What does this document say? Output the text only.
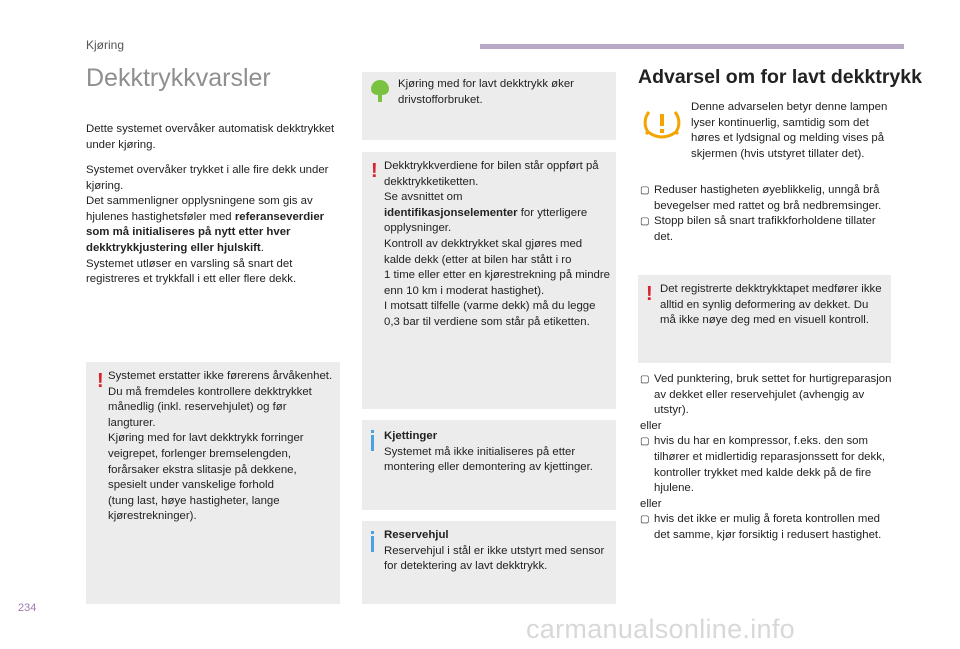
Kjøring
Dekktrykkvarsler

Dette systemet overvåker automatisk dekktrykket under kjøring.

Systemet overvåker trykket i alle fire dekk under kjøring.
Det sammenligner opplysningene som gis av hjulenes hastighetsføler med referanseverdier som må initialiseres på nytt etter hver dekktrykkjustering eller hjulskift.
Systemet utløser en varsling så snart det registreres et trykkfall i ett eller flere dekk.
! Systemet erstatter ikke førerens årvåkenhet.
Du må fremdeles kontrollere dekktrykket månedlig (inkl. reservehjulet) og før langturer.
Kjøring med for lavt dekktrykk forringer veigrepet, forlenger bremselengden, forårsaker ekstra slitasje på dekkene, spesielt under vanskelige forhold
(tung last, høye hastigheter, lange kjørestrekninger).
Kjøring med for lavt dekktrykk øker drivstofforbruket.
! Dekktrykkverdiene for bilen står oppført på dekktrykketiketten.
Se avsnittet om
identifikasjonselementer for ytterligere opplysninger.
Kontroll av dekktrykket skal gjøres med kalde dekk (etter at bilen har stått i ro
1 time eller etter en kjørestrekning på mindre enn 10 km i moderat hastighet).
I motsatt tilfelle (varme dekk) må du legge 0,3 bar til verdiene som står på etiketten.
Kjettinger
Systemet må ikke initialiseres på etter montering eller demontering av kjettinger.
Reservehjul
Reservehjul i stål er ikke utstyrt med sensor for detektering av lavt dekktrykk.
Advarsel om for lavt dekktrykk
Denne advarselen betyr denne lampen lyser kontinuerlig, samtidig som det høres et lydsignal og melding vises på skjermen (hvis utstyret tillater det).
▢ Reduser hastigheten øyeblikkelig, unngå brå bevegelser med rattet og brå nedbremsinger.
▢ Stopp bilen så snart trafikkforholdene tillater det.
! Det registrerte dekktrykktapet medfører ikke alltid en synlig deformering av dekket. Du må ikke nøye deg med en visuell kontroll.
▢ Ved punktering, bruk settet for hurtigreparasjon av dekket eller reservehjulet (avhengig av utstyr).
eller
▢ hvis du har en kompressor, f.eks. den som tilhører et midlertidig reparasjonssett for dekk, kontroller trykket med kalde dekk på de fire hjulene.
eller
▢ hvis det ikke er mulig å foreta kontrollen med det samme, kjør forsiktig i redusert hastighet.
234
carmanualsonline.info
